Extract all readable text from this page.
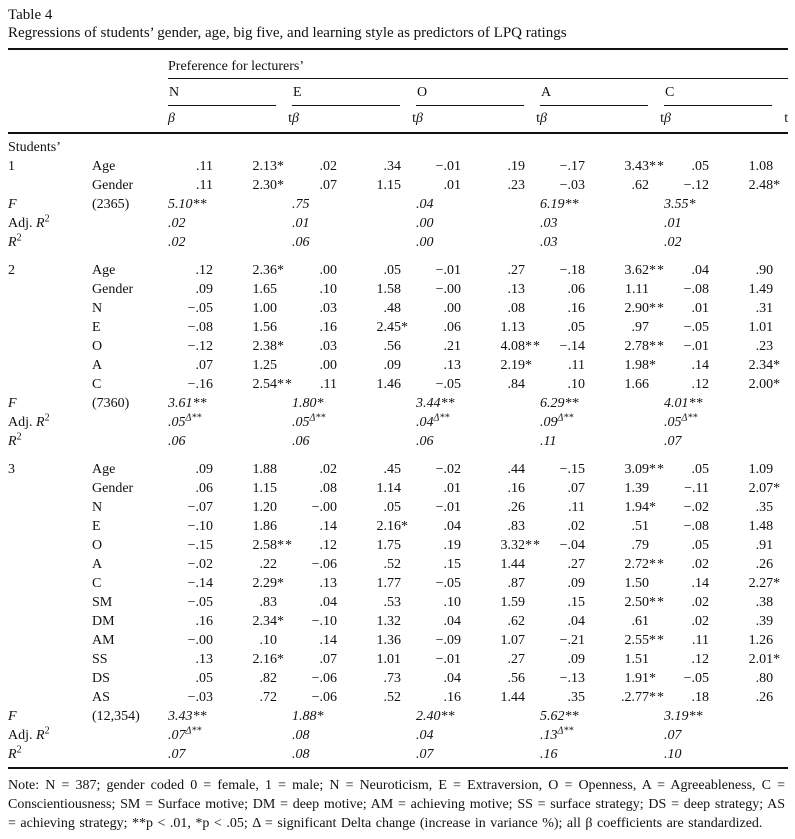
Table 4

Regressions of students’ gender, age, big five, and learning style as predictors of LPQ ratings

		Preference for lecturers’									

		N		E		O		A		C	

		β	t	β	t	β	t	β	t	β	t
Students’											
1	Age	.11	2.13 *	.02	.34	−.01	.19	−.17	3.43 **	.05	1.08

	Gender	.11	2.30 *	.07	1.15	.01	.23	−.03	.62	−.12	2.48 *

F	(2365)	5.10**		.75		.04		6.19**		3.55*	
Adj. $R^2$		.02		.01		.00		.03		.01	
$R^2$		.02		.06		.00		.03		.02	

2	Age	.12	2.36 *	.00	.05	−.01	.27	−.18	3.62 **	.04	.90

	Gender	.09	1.65	.10	1.58	−.00	.13	.06	1.11	−.08	1.49

	N	−.05	1.00	.03	.48	.00	.08	.16	2.90 **	.01	.31

	E	−.08	1.56	.16	2.45 *	.06	1.13	.05	.97	−.05	1.01

	O	−.12	2.38 *	.03	.56	.21	4.08 **	−.14	2.78 **	−.01	.23

	A	.07	1.25	.00	.09	.13	2.19 *	.11	1.98 *	.14	2.34 *

	C	−.16	2.54 **	.11	1.46	−.05	.84	.10	1.66	.12	2.00 *

F	(7360)	3.61**		1.80*		3.44**		6.29**		4.01**	
Adj. $R^2$		$.05^{\Delta**}$		$.05^{\Delta**}$		$.04^{\Delta**}$		$.09^{\Delta**}$		$.05^{\Delta**}$
$R^2$		.06		.06		.06		.11		.07	

3	Age	.09	1.88	.02	.45	−.02	.44	−.15	3.09 **	.05	1.09

	Gender	.06	1.15	.08	1.14	.01	.16	.07	1.39	−.11	2.07 *

	N	−.07	1.20	−.00	.05	−.01	.26	.11	1.94 *	−.02	.35

	E	−.10	1.86	.14	2.16 *	.04	.83	.02	.51	−.08	1.48

	O	−.15	2.58 **	.12	1.75	.19	3.32 **	−.04	.79	.05	.91

	A	−.02	.22	−.06	.52	.15	1.44	.27	2.72 **	.02	.26

	C	−.14	2.29 *	.13	1.77	−.05	.87	.09	1.50	.14	2.27 *

	SM	−.05	.83	.04	.53	.10	1.59	.15	2.50 **	.02	.38

	DM	.16	2.34 *	−.10	1.32	.04	.62	.04	.61	.02	.39

	AM	−.00	.10	.14	1.36	−.09	1.07	−.21	2.55 **	.11	1.26

	SS	.13	2.16 *	.07	1.01	−.01	.27	.09	1.51	.12	2.01 *

	DS	.05	.82	−.06	.73	.04	.56	−.13	1.91 *	−.05	.80

	AS	−.03	.72	−.06	.52	.16	1.44	.35	.2.77 **	.18	.26

F	(12,354)	3.43**		1.88*		2.40**		5.62**		3.19**	
Adj. $R^2$		$.07^{\Delta**}$		.08		.04		$.13^{\Delta**}$		.07	
$R^2$		.07		.08		.07		.16		.10	

Note: N = 387; gender coded 0 = female, 1 = male; N = Neuroticism, E = Extraversion, O = Openness, A = Agreeableness, C = Conscientiousness; SM = Surface motive; DM = deep motive; AM = achieving motive; SS = surface strategy; DS = deep strategy; AS = achieving strategy; **p < .01, *p < .05; Δ = significant Delta change (increase in variance %); all β coefficients are standardized.
